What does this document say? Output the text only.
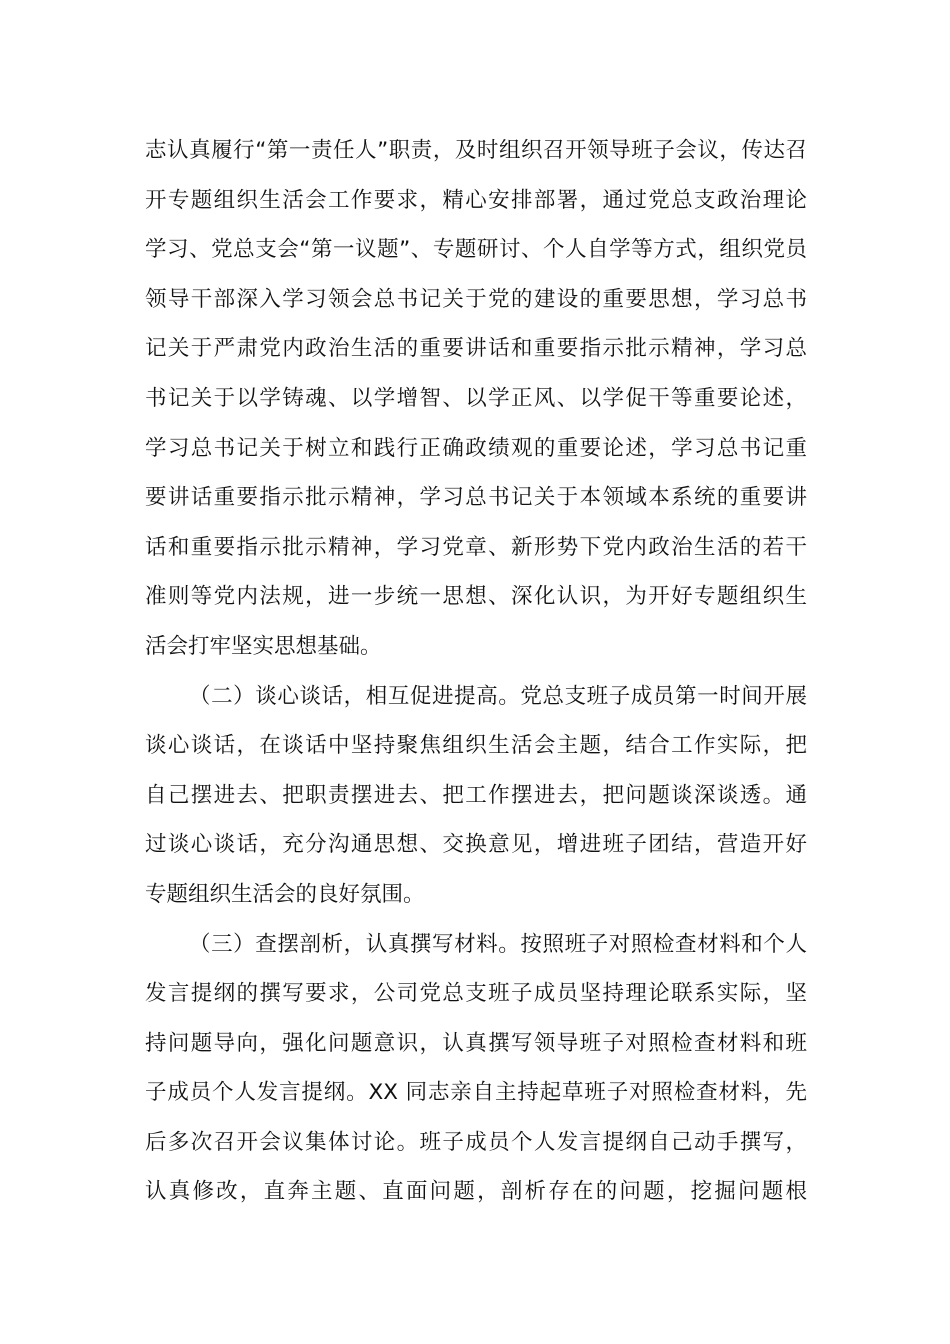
志认真履行“第一责任人”职责，及时组织召开领导班子会议，传达召
开专题组织生活会工作要求，精心安排部署，通过党总支政治理论
学习、党总支会“第一议题”、专题研讨、个人自学等方式，组织党员
领导干部深入学习领会总书记关于党的建设的重要思想，学习总书
记关于严肃党内政治生活的重要讲话和重要指示批示精神，学习总
书记关于以学铸魂、以学增智、以学正风、以学促干等重要论述，
学习总书记关于树立和践行正确政绩观的重要论述，学习总书记重
要讲话重要指示批示精神，学习总书记关于本领域本系统的重要讲
话和重要指示批示精神，学习党章、新形势下党内政治生活的若干
准则等党内法规，进一步统一思想、深化认识，为开好专题组织生
活会打牢坚实思想基础。
（二）谈心谈话，相互促进提高。党总支班子成员第一时间开展
谈心谈话，在谈话中坚持聚焦组织生活会主题，结合工作实际，把
自己摆进去、把职责摆进去、把工作摆进去，把问题谈深谈透。通
过谈心谈话，充分沟通思想、交换意见，增进班子团结，营造开好
专题组织生活会的良好氛围。
（三）查摆剖析，认真撰写材料。按照班子对照检查材料和个人
发言提纲的撰写要求，公司党总支班子成员坚持理论联系实际，坚
持问题导向，强化问题意识，认真撰写领导班子对照检查材料和班
子成员个人发言提纲。XX 同志亲自主持起草班子对照检查材料，先
后多次召开会议集体讨论。班子成员个人发言提纲自己动手撰写，
认真修改，直奔主题、直面问题，剖析存在的问题，挖掘问题根
